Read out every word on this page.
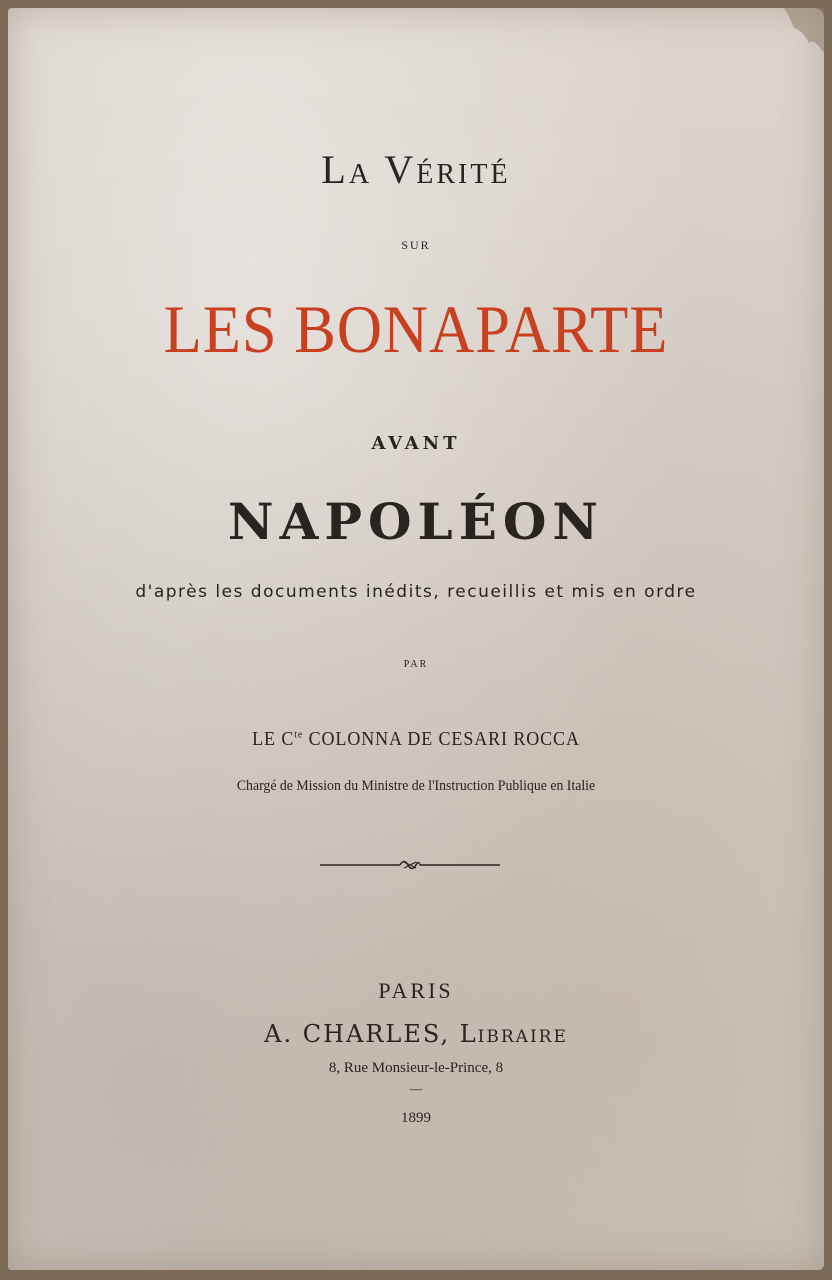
La Vérité
sur
LES BONAPARTE
avant
NAPOLÉON
d'après les documents inédits, recueillis et mis en ordre
par
LE $C^{te}$ COLONNA DE CESARI ROCCA
Chargé de Mission du Ministre de l'Instruction Publique en Italie
PARIS
A. CHARLES, Libraire
8, Rue Monsieur-le-Prince, 8
—
1899
